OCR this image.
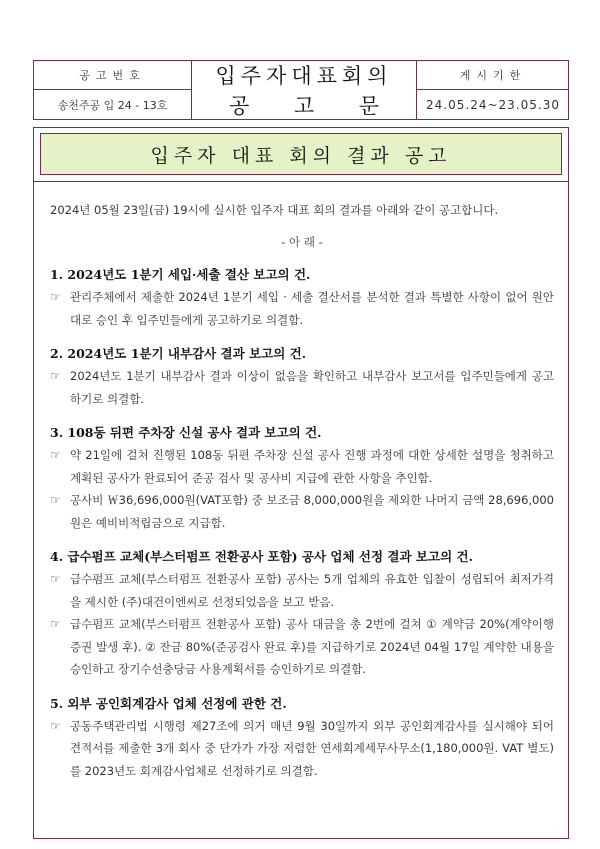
공고번호
송천주공 입 24 - 13호
입주자대표회의
공 고 문
게시기한
24.05.24~23.05.30
입주자 대표 회의 결과 공고

2024년 05월 23일(금) 19시에 실시한 입주자 대표 회의 결과를 아래와 같이 공고합니다.

- 아 래 -
1. 2024년도 1분기 세입·세출 결산 보고의 건.
☞ 관리주체에서 제출한 2024년 1분기 세입 · 세출 결산서를 분석한 결과 특별한 사항이 없어 원안대로 승인 후 입주민들에게 공고하기로 의결함.
2. 2024년도 1분기 내부감사 결과 보고의 건.
☞ 2024년도 1분기 내부감사 결과 이상이 없음을 확인하고 내부감사 보고서를 입주민들에게 공고하기로 의결함.
3. 108동 뒤편 주차장 신설 공사 결과 보고의 건.
☞ 약 21일에 걸쳐 진행된 108동 뒤편 주차장 신설 공사 진행 과정에 대한 상세한 설명을 청취하고 계획된 공사가 완료되어 준공 검사 및 공사비 지급에 관한 사항을 추인함.
☞ 공사비 ￦36,696,000원(VAT포함) 중 보조금 8,000,000원을 제외한 나머지 금액 28,696,000원은 예비비적립금으로 지급함.
4. 급수펌프 교체(부스터펌프 전환공사 포함) 공사 업체 선정 결과 보고의 건.
☞ 급수펌프 교체(부스터펌프 전환공사 포함) 공사는 5개 업체의 유효한 입찰이 성립되어 최저가격을 제시한 (주)대건이엔씨로 선정되었음을 보고 받음.
☞ 급수펌프 교체(부스터펌프 전환공사 포함) 공사 대금을 총 2번에 걸쳐 ① 계약금 20%(계약이행증권 발생 후). ② 잔금 80%(준공검사 완료 후)를 지급하기로 2024년 04월 17일 계약한 내용을 승인하고 장기수선충당금 사용계획서를 승인하기로 의결함.
5. 외부 공인회계감사 업체 선정에 관한 건.
☞ 공동주택관리법 시행령 제27조에 의거 매년 9월 30일까지 외부 공인회계감사를 실시해야 되어 견적서를 제출한 3개 회사 중 단가가 가장 저렴한 연세회계세무사무소(1,180,000원. VAT 별도)를 2023년도 회계감사업체로 선정하기로 의결함.
